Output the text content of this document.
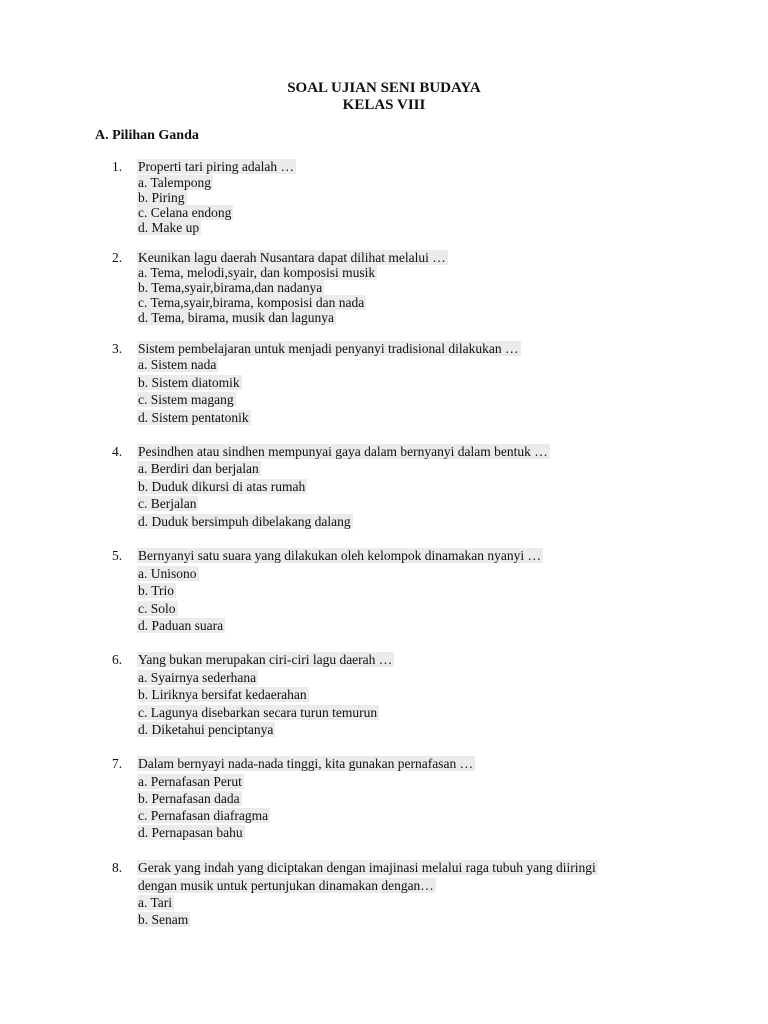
SOAL UJIAN SENI BUDAYA
KELAS VIII
A. Pilihan Ganda
1. Properti tari piring adalah …
a. Talempong
b. Piring
c. Celana endong
d. Make up
2. Keunikan lagu daerah Nusantara dapat dilihat melalui …
a. Tema, melodi,syair, dan komposisi musik
b. Tema,syair,birama,dan nadanya
c. Tema,syair,birama, komposisi dan nada
d. Tema, birama, musik dan lagunya
3. Sistem pembelajaran untuk menjadi penyanyi tradisional dilakukan …
a. Sistem nada
b. Sistem diatomik
c. Sistem magang
d. Sistem pentatonik
4. Pesindhen atau sindhen mempunyai gaya dalam bernyanyi dalam bentuk …
a. Berdiri dan berjalan
b. Duduk dikursi di atas rumah
c. Berjalan
d. Duduk bersimpuh dibelakang dalang
5. Bernyanyi satu suara yang dilakukan oleh kelompok dinamakan nyanyi …
a. Unisono
b. Trio
c. Solo
d. Paduan suara
6. Yang bukan merupakan ciri-ciri lagu daerah …
a. Syairnya sederhana
b. Liriknya bersifat kedaerahan
c. Lagunya disebarkan secara turun temurun
d. Diketahui penciptanya
7. Dalam bernyayi nada-nada tinggi, kita gunakan pernafasan …
a. Pernafasan Perut
b. Pernafasan dada
c. Pernafasan diafragma
d. Pernapasan bahu
8. Gerak yang indah yang diciptakan dengan imajinasi melalui raga tubuh yang diiringi
dengan musik untuk pertunjukan dinamakan dengan…
a. Tari
b. Senam
